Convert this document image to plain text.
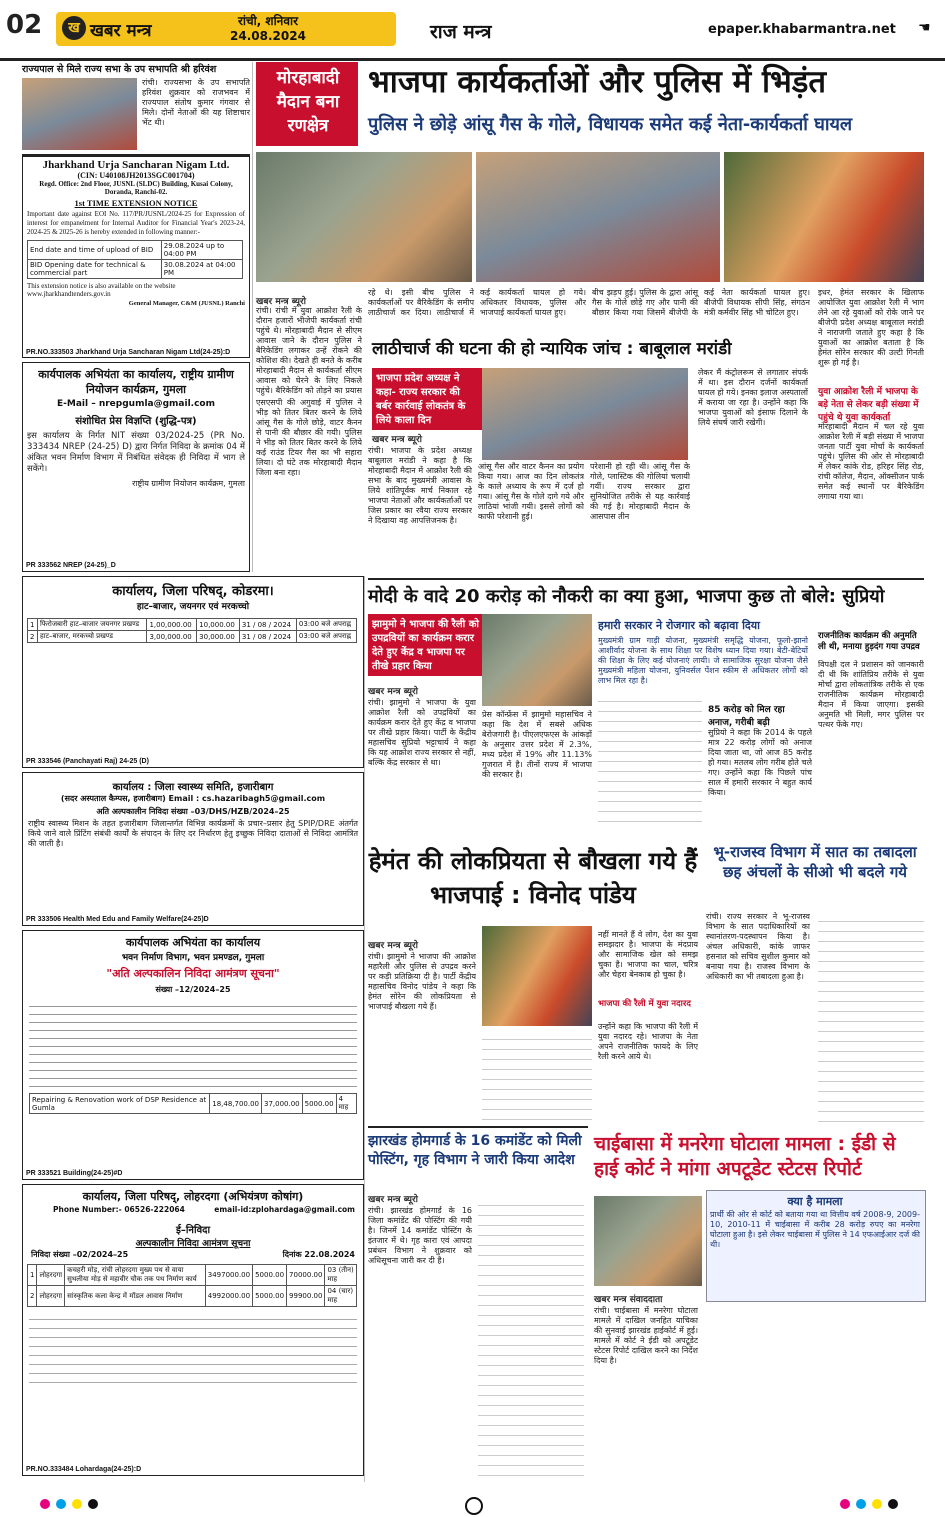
02	ख खबर मन्त्र	रांची, शनिवार
24.08.2024	राज मन्त्र	epaper.khabarmantra.net ☚
राज्यपाल से मिले राज्य सभा के उप सभापति श्री हरिवंश
रांची। राज्यसभा के उप सभापति हरिवंश शुक्रवार को राजभवन में राज्यपाल संतोष कुमार गंगवार से मिले। दोनों नेताओं की यह शिष्टाचार भेंट थी।
Jharkhand Urja Sancharan Nigam Ltd.
(CIN: U40108JH2013SGC001704)
Regd. Office: 2nd Floor, JUSNL (SLDC) Building, Kusai Colony, Doranda, Ranchi-02.
1st TIME EXTENSION NOTICE
Important date against EOI No. 117/PR/JUSNL/2024-25 for Expression of interest for empanelment for Internal Auditor for Financial Year's 2023-24, 2024-25 & 2025-26 is hereby extended in following manner:-
End date and time of upload of BID	29.08.2024 up to 04:00 PM
BID Opening date for technical & commercial part	30.08.2024 at 04:00 PM
This extension notice is also available on the website www.jharkhandtenders.gov.in
General Manager, C&M (JUSNL) Ranchi
PR.NO.333503 Jharkhand Urja Sancharan Nigam Ltd(24-25):D
कार्यपालक अभियंता का कार्यालय, राष्ट्रीय ग्रामीण नियोजन कार्यक्रम, गुमला
E-Mail – nrepgumla@gmail.com
संशोधित प्रेस विज्ञप्ति (शुद्धि-पत्र)
इस कार्यालय के निर्गत NIT संख्या 03/2024-25 (PR No. 333434 NREP (24-25) D) द्वारा निर्गत निविदा के क्रमांक 04 में अंकित भवन निर्माण विभाग में निबंधित संवेदक ही निविदा में भाग ले सकेंगे।
राष्ट्रीय ग्रामीण नियोजन कार्यक्रम, गुमला
PR 333562 NREP (24-25)_D
कार्यालय, जिला परिषद्, कोडरमा।
हाट–बाजार, जयनगर एवं मरकच्चो
1	फिरोजबारी हाट–बाजार जयनगर प्रखण्ड	1,00,000.00	10,000.00	31 / 08 / 2024	03:00 बजे अपराह्न
2	हाट–बाजार, मरकच्चो प्रखण्ड	3,00,000.00	30,000.00	31 / 08 / 2024	03:00 बजे अपराह्न
PR 333546 (Panchayati Raj) 24-25 (D)
कार्यालय : जिला स्वास्थ्य समिति, हजारीबाग
(सदर अस्पताल कैम्पस, हजारीबाग) Email : cs.hazaribagh5@gmail.com
अति अल्पकालीन निविदा संख्या –03/DHS/HZB/2024–25
राष्ट्रीय स्वास्थ्य मिशन के तहत हजारीबाग जिलान्तर्गत विभिन्न कार्यक्रमों के प्रचार–प्रसार हेतु SPIP/DRE अंतर्गत किये जाने वाले प्रिंटिंग संबंधी कार्यों के संपादन के लिए दर निर्धारण हेतु इच्छुक निविदा दाताओं से निविदा आमंत्रित की जाती है।
PR 333506 Health Med Edu and Family Welfare(24-25)D
कार्यपालक अभियंता का कार्यालय
भवन निर्माण विभाग, भवन प्रमण्डल, गुमला
"अति अल्पकालिन निविदा आमंत्रण सूचना"
संख्या –12/2024–25
Repairing & Renovation work of DSP Residence at Gumla	18,48,700.00	37,000.00	5000.00	4 माह
PR 333521 Building(24-25)#D
कार्यालय, जिला परिषद्, लोहरदगा (अभियंत्रण कोषांग)
Phone Number:- 06526-222064	email-id:zplohardaga@gmail.com
ई–निविदा
अल्पकालीन निविदा आमंत्रण सूचना
निविदा संख्या –02/2024–25	दिनांक 22.08.2024
1	लोहरदगा	कचहरी मोड़, रांची लोहरदगा मुख्य पथ से वाया सुथलीया मोड़ से महावीर चौक तक पथ निर्माण कार्य	3497000.00	5000.00	70000.00	03 (तीन) माह
2	लोहरदगा	सांस्कृतिक कला केन्द्र में मॉडल आवास निर्माण	4992000.00	5000.00	99900.00	04 (चार) माह
PR.NO.333484 Lohardaga(24-25):D
मोरहाबादी मैदान बना रणक्षेत्र
भाजपा कार्यकर्ताओं और पुलिस में भिड़ंत
पुलिस ने छोड़े आंसू गैस के गोले, विधायक समेत कई नेता-कार्यकर्ता घायल
खबर मन्त्र ब्यूरो
रांची। रांची में युवा आक्रोश रैली के दौरान हजारों भीजेपी कार्यकर्ता रांची पहुंचे थे। मोरहाबादी मैदान से सीएम आवास जाने के दौरान पुलिस ने बैरिकेडिंग लगाकर उन्हें रोकने की कोशिश की। देखते ही बनते के करीब मोरहाबादी मैदान से कार्यकर्ता सीएम आवास को घेरने के लिए निकले पहुंचे। बैरिकेडिंग को तोड़ने का प्रयास
एसएसपी की अगुवाई में पुलिस ने भीड़ को तितर बितर करने के लिये आंसू गैस के गोले छोड़े, वाटर कैनन से पानी की बौछार की गयी। पुलिस ने भीड़ को तितर बितर करने के लिये कई राउंड टियर गैस का भी सहारा लिया। दो घंटे तक मोरहाबादी मैदान जिला बना रहा।
रहे थे। इसी बीच पुलिस ने कार्यकर्ताओं पर बैरिकेडिंग के समीप लाठीचार्ज कर दिया। लाठीचार्ज में कई कार्यकर्ता घायल हो गये। अधिकतर विधायक, पुलिस और भाजपाई कार्यकर्ता घायल हुए।
बीच झड़प हुई। पुलिस के द्वारा आंसू गैस के गोले छोड़े गए और पानी की बौछार किया गया जिसमें बीजेपी के कई नेता कार्यकर्ता घायल हुए। बीजेपी विधायक सीपी सिंह, संगठन मंत्री कर्मवीर सिंह भी चोटिल हुए।
इधर, हेमंत सरकार के खिलाफ आयोजित युवा आक्रोश रैली में भाग लेने आ रहे युवाओं को रोके जाने पर बीजेपी प्रदेश अध्यक्ष बाबूलाल मरांडी ने नाराजगी जताते हुए कहा है कि युवाओं का आक्रोश बताता है कि हेमंत सोरेन सरकार की उल्टी गिनती शुरू हो गई है।
लाठीचार्ज की घटना की हो न्यायिक जांच : बाबूलाल मरांडी
भाजपा प्रदेश अध्यक्ष ने कहा- राज्य सरकार की बर्बर कार्रवाई लोकतंत्र के लिये काला दिन
खबर मन्त्र ब्यूरो
रांची। भाजपा के प्रदेश अध्यक्ष बाबूलाल मरांडी ने कहा है कि मोरहाबादी मैदान में आक्रोश रैली की सभा के बाद मुख्यमंत्री आवास के लिये शांतिपूर्वक मार्च निकाल रहे भाजपा नेताओं और कार्यकर्ताओं पर जिस प्रकार का रवैया राज्य सरकार ने दिखाया वह आपत्तिजनक है।
आंसू गैस और वाटर कैनन का प्रयोग किया गया। आज का दिन लोकतंत्र के काले अध्याय के रूप में दर्ज हो गया। आंसू गैस के गोले दागे गये और लाठियां भांजी गयी। इससे लोगों को काफी परेशानी हुई।
परेशानी हो रही थी। आंसू गैस के गोले, प्लास्टिक की गोलियां चलायी गयीं। राज्य सरकार द्वारा सुनियोजित तरीके से यह कार्रवाई की गई है। मोरहाबादी मैदान के आसपास तीन
लेकर मैं कंट्रोलरूम से लगातार संपर्क में था। इस दौरान दर्जनों कार्यकर्ता घायल हो गये। इनका इलाज अस्पतालों में कराया जा रहा है। उन्होंने कहा कि भाजपा युवाओं को इंसाफ दिलाने के लिये संघर्ष जारी रखेगी।
युवा आक्रोश रैली में भाजपा के बड़े नेता से लेकर बड़ी संख्या में पहुंचे थे युवा कार्यकर्ता
मोरहाबादी मैदान में चल रहे युवा आक्रोश रैली में बड़ी संख्या में भाजपा जनता पार्टी युवा मोर्चा के कार्यकर्ता पहुंचे। पुलिस की ओर से मोरहाबादी में लेकर कांके रोड, हरिहर सिंह रोड, रांची कॉलेज, मैदान, ऑक्सीजन पार्क समेत कई स्थानों पर बैरिकेडिंग लगाया गया था।
मोदी के वादे 20 करोड़ को नौकरी का क्या हुआ, भाजपा कुछ तो बोले: सुप्रियो
झामुमो ने भाजपा की रैली को उपद्रवियों का कार्यक्रम करार देते हुए केंद्र व भाजपा पर तीखे प्रहार किया
खबर मन्त्र ब्यूरो
रांची। झामुमो ने भाजपा के युवा आक्रोश रैली को उपद्रवियों का कार्यक्रम करार देते हुए केंद्र व भाजपा पर तीखे प्रहार किया। पार्टी के केंद्रीय महासचिव सुप्रियो भट्टाचार्य ने कहा कि यह आक्रोश राज्य सरकार से नहीं, बल्कि केंद्र सरकार से था।
प्रेस कॉन्फ्रेंस में झामुमो महासचिव ने कहा कि देश में सबसे अधिक बेरोजगारी है। पीएलएफएस के आंकड़ों के अनुसार उत्तर प्रदेश में 2.3%, मध्य प्रदेश में 19% और 11.13% गुजरात में है। तीनों राज्य में भाजपा की सरकार है।
हमारी सरकार ने रोजगार को बढ़ावा दिया
मुख्यमंत्री ग्राम गाड़ी योजना, मुख्यमंत्री समृद्धि योजना, फूलो-झानो आशीर्वाद योजना के साथ शिक्षा पर विशेष ध्यान दिया गया। बेटी-बेटियों की शिक्षा के लिए कई योजनाएं लायी। जे सामाजिक सुरक्षा योजना जैसे मुख्यमंत्री महिला योजना, युनिवर्सल पेंशन स्कीम से अधिकतर लोगों को लाभ मिल रहा है।
85 करोड़ को मिल रहा अनाज, गरीबी बढ़ी
सुप्रियो ने कहा कि 2014 के पहले मात्र 22 करोड़ लोगों को अनाज दिया जाता था, जो आज 85 करोड़ हो गया। मतलब लोग गरीब होते चले गए। उन्होंने कहा कि पिछले पांच साल में हमारी सरकार ने बहुत कार्य किया।
राजनीतिक कार्यक्रम की अनुमति ली थी, मनाया हुड़दंग गया उपद्रव
विपक्षी दल ने प्रशासन को जानकारी दी थी कि शांतिप्रिय तरीके से युवा मोर्चा द्वारा लोकतांत्रिक तरीके से एक राजनीतिक कार्यक्रम मोरहाबादी मैदान में किया जाएगा। इसकी अनुमति भी मिली, मगर पुलिस पर पत्थर फेंके गए।
हेमंत की लोकप्रियता से बौखला गये हैं भाजपाई : विनोद पांडेय
खबर मन्त्र ब्यूरो
रांची। झामुमो ने भाजपा की आक्रोश महारैली और पुलिस से उपद्रव करने पर कड़ी प्रतिक्रिया दी है। पार्टी केंद्रीय महासचिव विनोद पांडेय ने कहा कि हेमंत सोरेन की लोकप्रियता से भाजपाई बौखला गये हैं।
नहीं मानते हैं वे लोग, देश का युवा समझदार है। भाजपा के मंदप्राय और सामाजिक खेल को समझ चुका है। भाजपा का चाल, चरित्र और चेहरा बेनकाब हो चुका है।
भाजपा की रैली में युवा नदारद
उन्होंने कहा कि भाजपा की रैली में युवा नदारद रहे। भाजपा के नेता अपने राजनीतिक फायदे के लिए रैली करने आये थे।
भू-राजस्व विभाग में सात का तबादला छह अंचलों के सीओ भी बदले गये
रांची। राज्य सरकार ने भू-राजस्व विभाग के सात पदाधिकारियों का स्थानांतरण-पदस्थापन किया है। अंचल अधिकारी, कांके जाफर हसनात को सचिव सुशील कुमार को बनाया गया है। राजस्व विभाग के अधिकारी का भी तबादला हुआ है।
झारखंड होमगार्ड के 16 कमांडेंट को मिली पोस्टिंग, गृह विभाग ने जारी किया आदेश
खबर मन्त्र ब्यूरो
रांची। झारखंड होमगार्ड के 16 जिला कमांडेंट की पोस्टिंग की गयी है। जिनमें 14 कमांडेंट पोस्टिंग के इंतजार में थे। गृह कारा एवं आपदा प्रबंधन विभाग ने शुक्रवार को अधिसूचना जारी कर दी है।
चाईबासा में मनरेगा घोटाला मामला : ईडी से हाई कोर्ट ने मांगा अपटूडेट स्टेटस रिपोर्ट
क्या है मामला
प्रार्थी की ओर से कोर्ट को बताया गया था वित्तीय वर्ष 2008-9, 2009-10, 2010-11 में चाईबासा में करीब 28 करोड़ रुपए का मनरेगा घोटाला हुआ है। इसे लेकर चाईबासा में पुलिस ने 14 एफआईआर दर्ज की थी।
खबर मन्त्र संवाददाता
रांची। चाईबासा में मनरेगा घोटाला मामले में दाखिल जनहित याचिका की सुनवाई झारखंड हाईकोर्ट में हुई। मामले में कोर्ट ने ईडी को अपटूडेट स्टेटस रिपोर्ट दाखिल करने का निर्देश दिया है।
